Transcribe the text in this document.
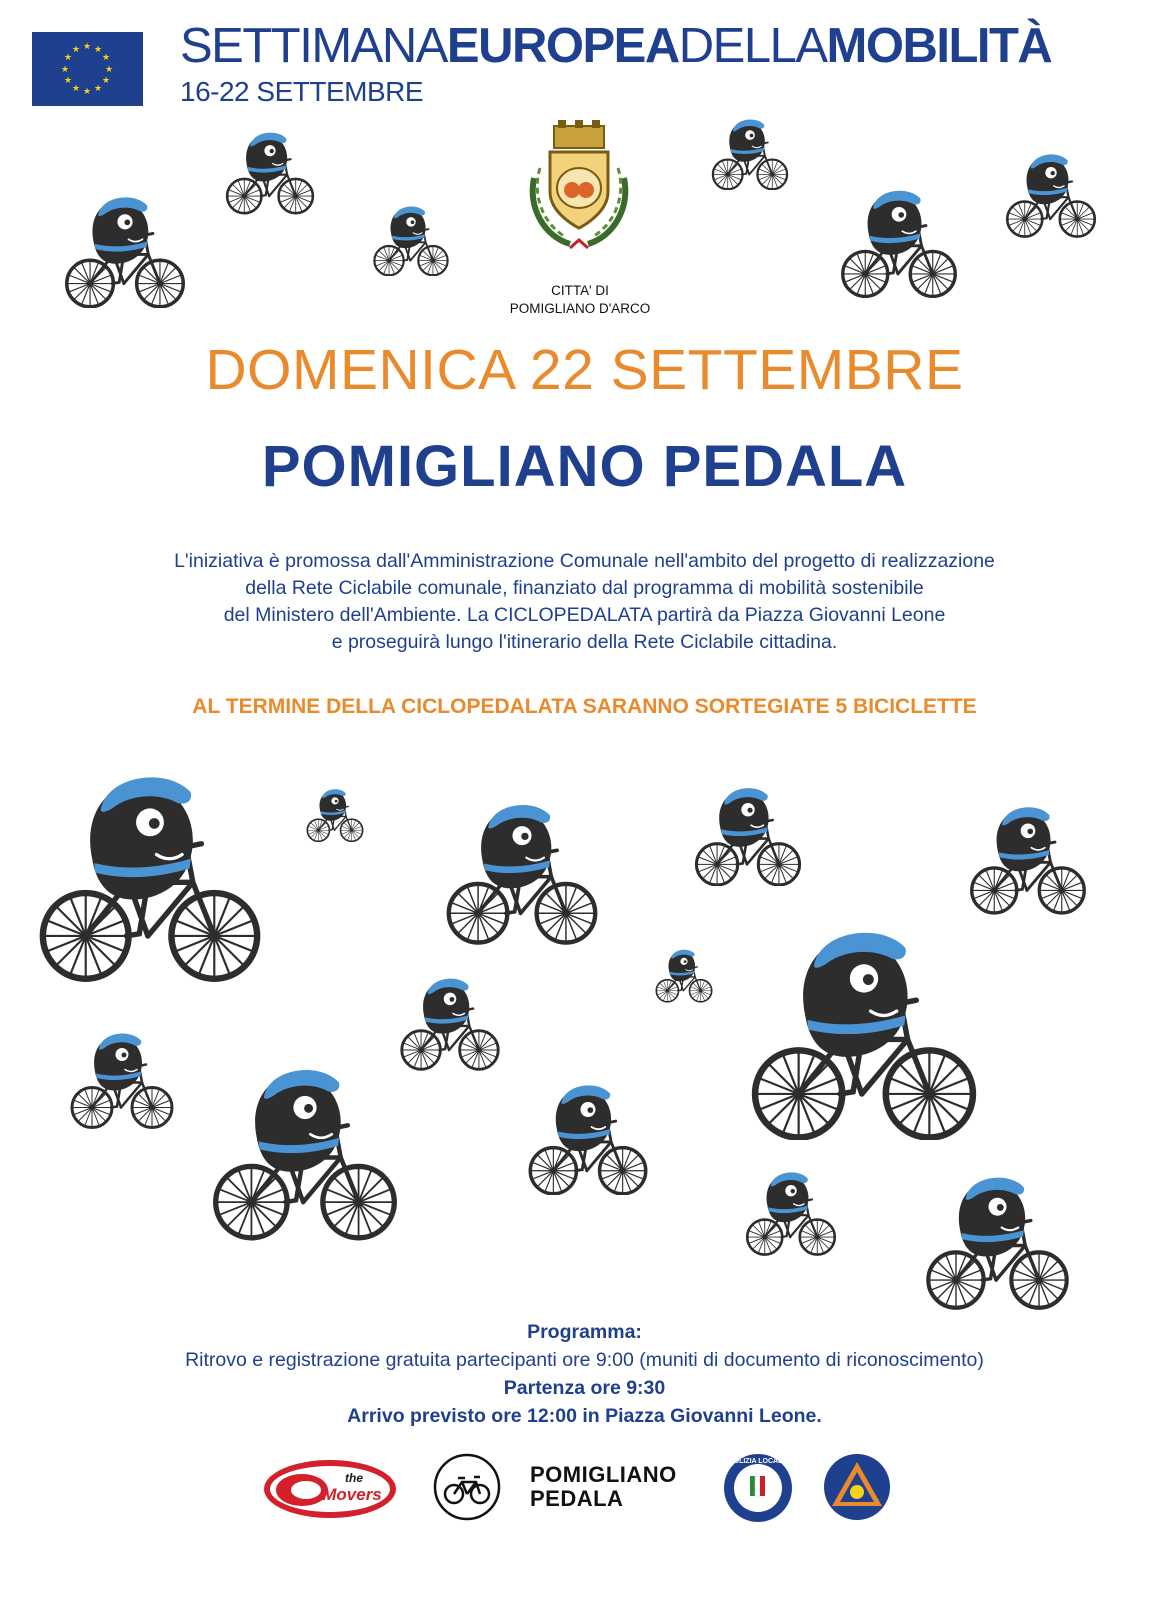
★ ★
★
★
★
★
★
★
★
★
★
★ SETTIMANAEUROPEADELLAMOBILITÀ
16-22 SETTEMBRE
CITTA' DI
POMIGLIANO D'ARCO
DOMENICA 22 SETTEMBRE
POMIGLIANO PEDALA
L'iniziativa è promossa dall'Amministrazione Comunale nell'ambito del progetto di realizzazione
della Rete Ciclabile comunale, finanziato dal programma di mobilità sostenibile
del Ministero dell'Ambiente. La CICLOPEDALATA partirà da Piazza Giovanni Leone
e proseguirà lungo l'itinerario della Rete Ciclabile cittadina.
AL TERMINE DELLA CICLOPEDALATA SARANNO SORTEGIATE 5 BICICLETTE
Programma:
Ritrovo e registrazione gratuita partecipanti ore 9:00 (muniti di documento di riconoscimento)
Partenza ore 9:30
Arrivo previsto ore 12:00 in Piazza Giovanni Leone.
the
Movers
POMIGLIANO
PEDALA
POLIZIA LOCALE
